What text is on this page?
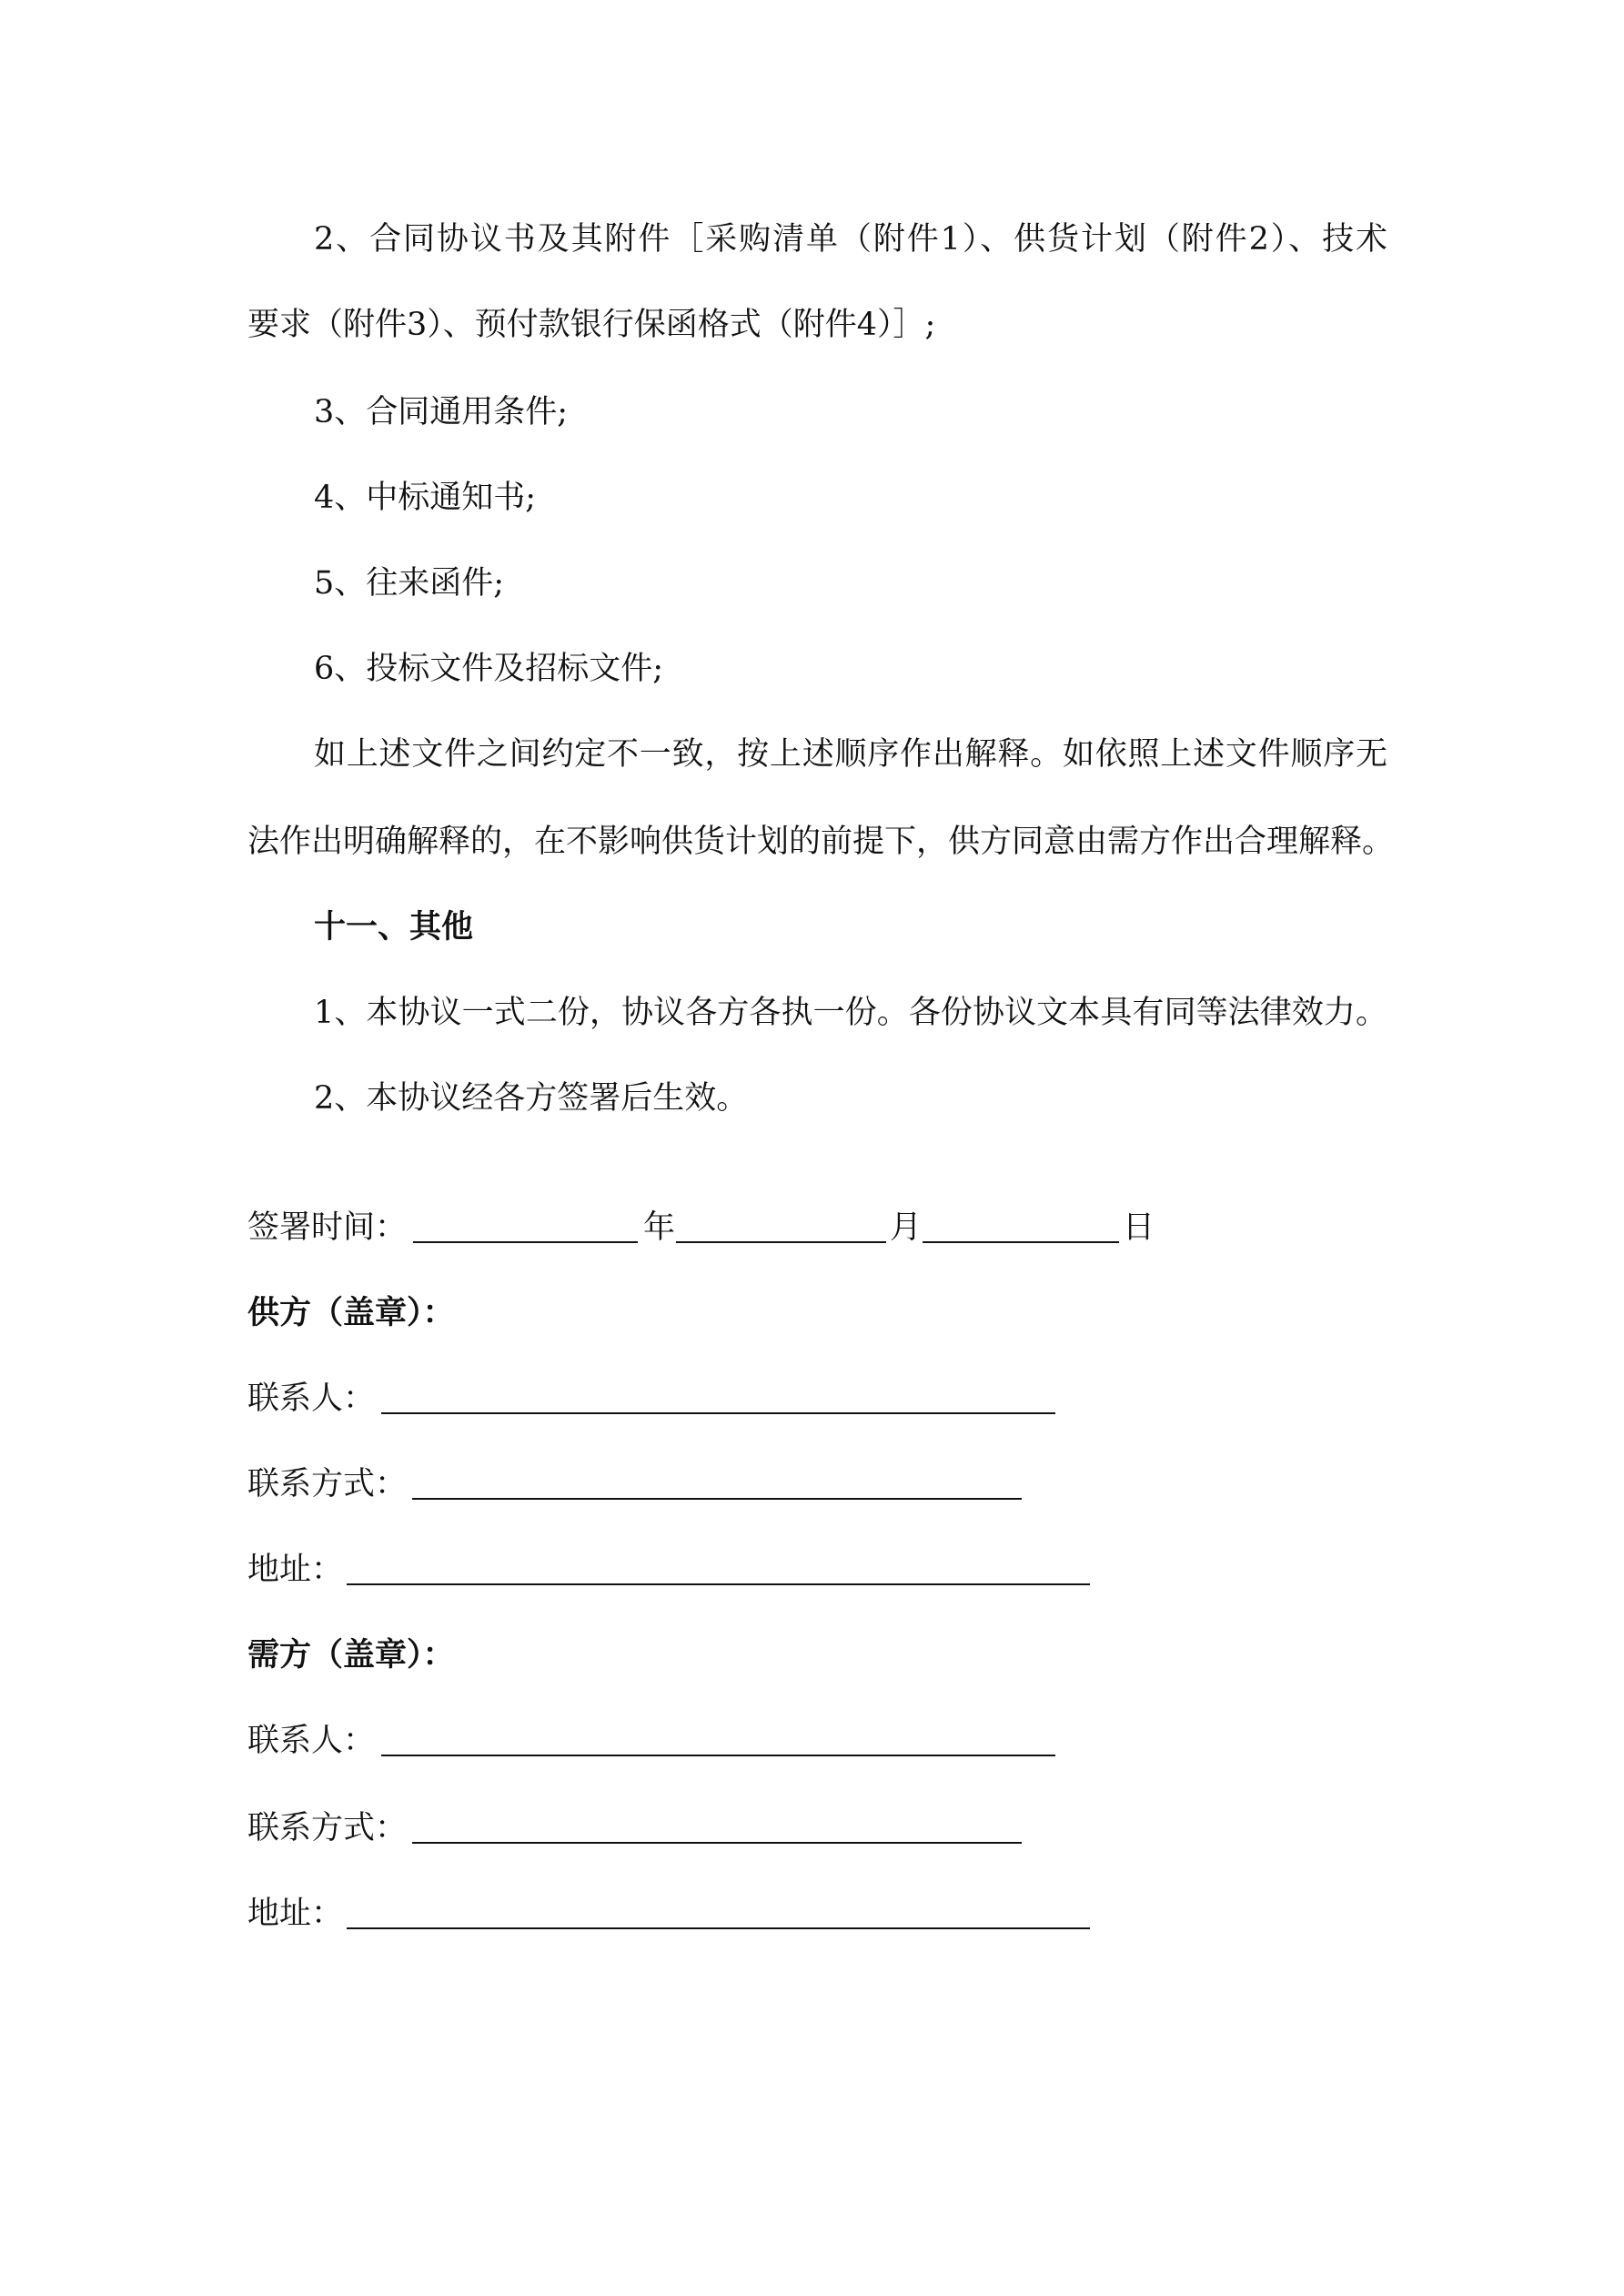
2、合同协议书及其附件［采购清单（附件1）、供货计划（附件2）、技术
要求（附件3）、预付款银行保函格式（附件4）］;
3、合同通用条件;
4、中标通知书;
5、往来函件;
6、投标文件及招标文件;
如上述文件之间约定不一致，按上述顺序作出解释。如依照上述文件顺序无
法作出明确解释的，在不影响供货计划的前提下，供方同意由需方作出合理解释。
十一、其他
1、本协议一式二份，协议各方各执一份。各份协议文本具有同等法律效力。
2、本协议经各方签署后生效。
签署时间：	年	月	日
供方（盖章）：
联系人：
联系方式：
地址：
需方（盖章）：
联系人：
联系方式：
地址：
